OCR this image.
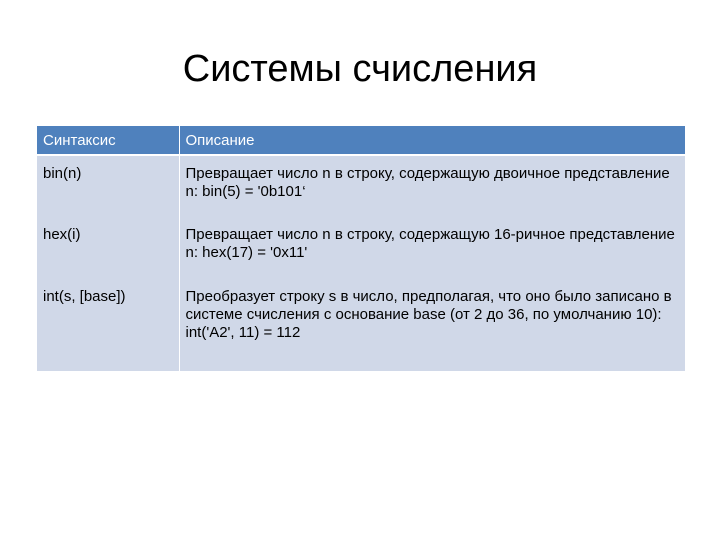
Системы счисления
Синтаксис	Описание
bin(n)	Превращает число n в строку, содержащую двоичное представление n: bin(5) = '0b101‘
hex(i)	Превращает число n в строку, содержащую 16-ричное представление n: hex(17) = '0x11'
int(s, [base])	Преобразует строку s в число, предполагая, что оно было записано в системе счисления с основание base (от 2 до 36, по умолчанию 10): int('A2', 11) = 112
